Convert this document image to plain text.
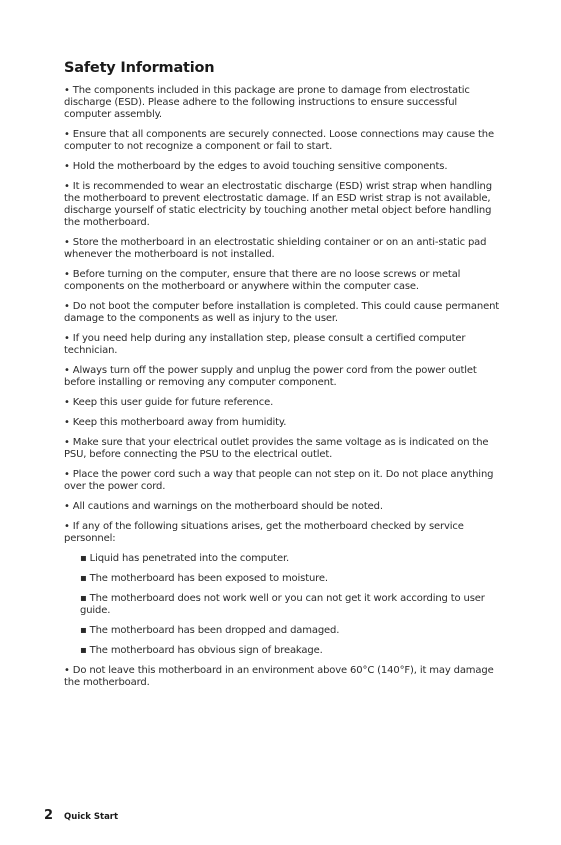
Safety Information

• The components included in this package are prone to damage from electrostatic discharge (ESD). Please adhere to the following instructions to ensure successful computer assembly.

• Ensure that all components are securely connected. Loose connections may cause the computer to not recognize a component or fail to start.

• Hold the motherboard by the edges to avoid touching sensitive components.

• It is recommended to wear an electrostatic discharge (ESD) wrist strap when handling the motherboard to prevent electrostatic damage. If an ESD wrist strap is not available, discharge yourself of static electricity by touching another metal object before handling the motherboard.

• Store the motherboard in an electrostatic shielding container or on an anti-static pad whenever the motherboard is not installed.

• Before turning on the computer, ensure that there are no loose screws or metal components on the motherboard or anywhere within the computer case.

• Do not boot the computer before installation is completed. This could cause permanent damage to the components as well as injury to the user.

• If you need help during any installation step, please consult a certified computer technician.

• Always turn off the power supply and unplug the power cord from the power outlet before installing or removing any computer component.

• Keep this user guide for future reference.

• Keep this motherboard away from humidity.

• Make sure that your electrical outlet provides the same voltage as is indicated on the PSU, before connecting the PSU to the electrical outlet.

• Place the power cord such a way that people can not step on it. Do not place anything over the power cord.

• All cautions and warnings on the motherboard should be noted.

• If any of the following situations arises, get the motherboard checked by service personnel:

▪ Liquid has penetrated into the computer.

▪ The motherboard has been exposed to moisture.

▪ The motherboard does not work well or you can not get it work according to user guide.

▪ The motherboard has been dropped and damaged.

▪ The motherboard has obvious sign of breakage.

• Do not leave this motherboard in an environment above 60°C (140°F), it may damage the motherboard.

2 Quick Start
